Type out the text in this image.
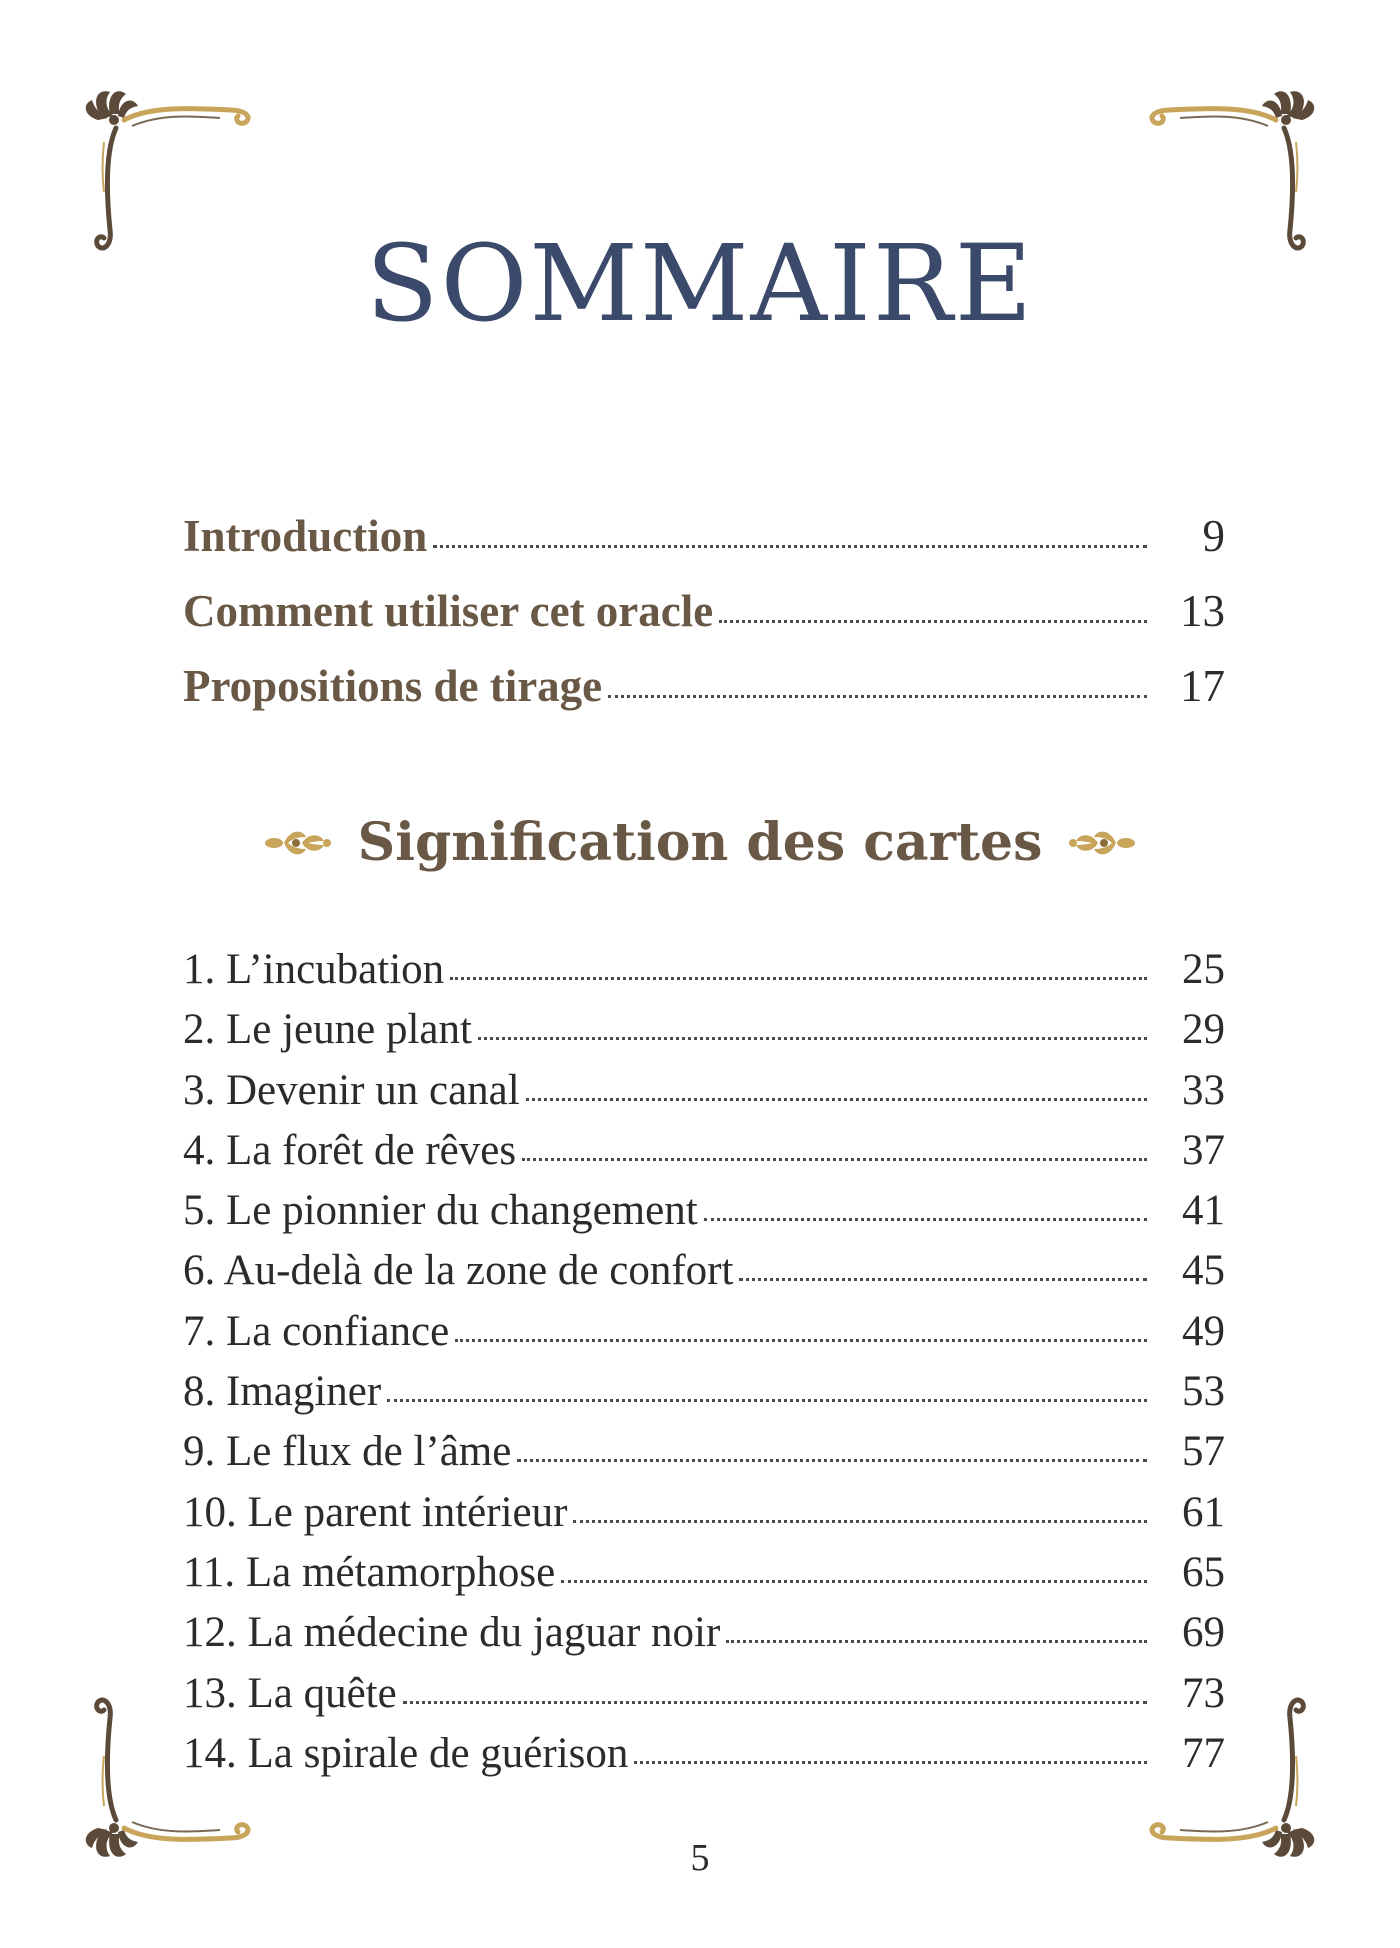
SOMMAIRE
Introduction	9
Comment utiliser cet oracle	13
Propositions de tirage	17
Signification des cartes
1. L’incubation	25
2. Le jeune plant	29
3. Devenir un canal	33
4. La forêt de rêves	37
5. Le pionnier du changement	41
6. Au-delà de la zone de confort	45
7. La confiance	49
8. Imaginer	53
9. Le flux de l’âme	57
10. Le parent intérieur	61
11. La métamorphose	65
12. La médecine du jaguar noir	69
13. La quête	73
14. La spirale de guérison	77
5
